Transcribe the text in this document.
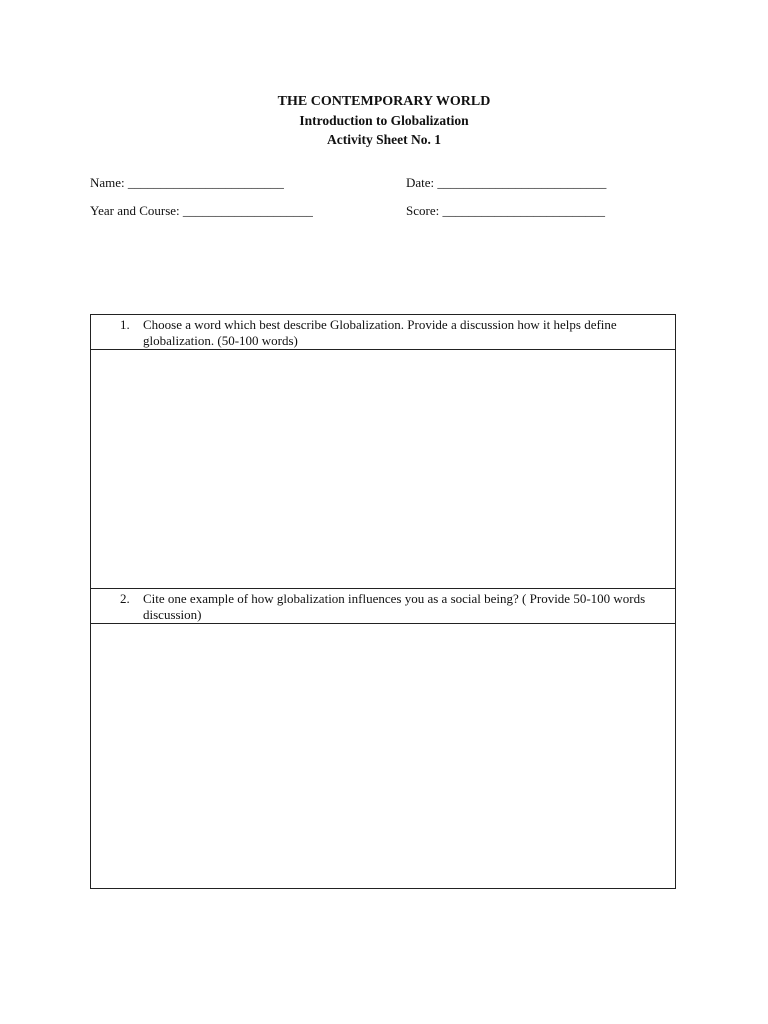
THE CONTEMPORARY WORLD
Introduction to Globalization
Activity Sheet No. 1
Name: ________________________	Date: __________________________
Year and Course: ____________________	Score: _________________________
1. Choose a word which best describe Globalization. Provide a discussion how it helps define globalization. (50-100 words)

2. Cite one example of how globalization influences you as a social being? ( Provide 50-100 words discussion)
